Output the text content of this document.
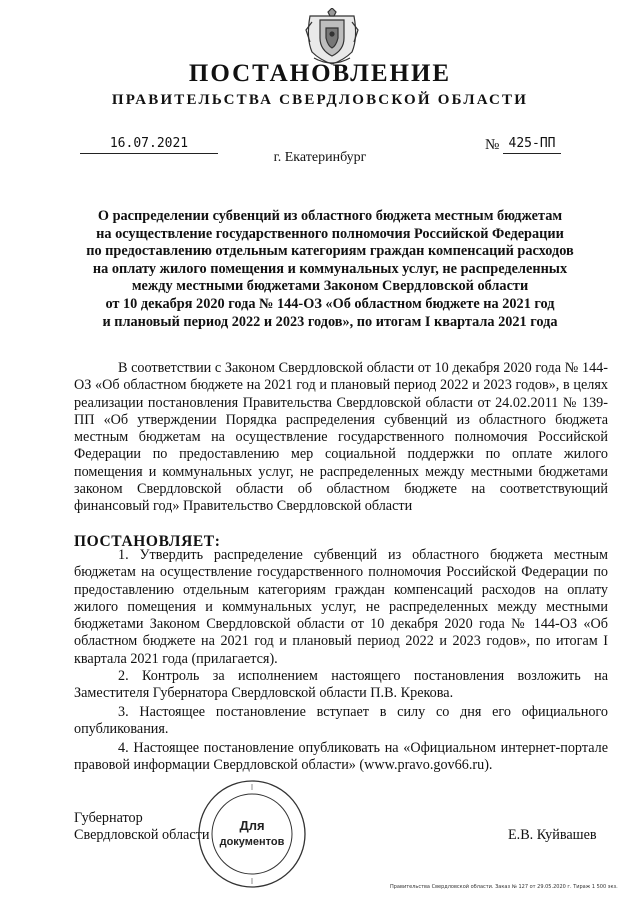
ПОСТАНОВЛЕНИЕ
ПРАВИТЕЛЬСТВА СВЕРДЛОВСКОЙ ОБЛАСТИ
16.07.2021	№ 425-ПП
г. Екатеринбург
О распределении субвенций из областного бюджета местным бюджетам
на осуществление государственного полномочия Российской Федерации
по предоставлению отдельным категориям граждан компенсаций расходов
на оплату жилого помещения и коммунальных услуг, не распределенных
между местными бюджетами Законом Свердловской области
от 10 декабря 2020 года № 144-ОЗ «Об областном бюджете на 2021 год
и плановый период 2022 и 2023 годов», по итогам I квартала 2021 года
В соответствии с Законом Свердловской области от 10 декабря 2020 года № 144-ОЗ «Об областном бюджете на 2021 год и плановый период 2022 и 2023 годов», в целях реализации постановления Правительства Свердловской области от 24.02.2011 № 139-ПП «Об утверждении Порядка распределения субвенций из областного бюджета местным бюджетам на осуществление государственного полномочия Российской Федерации по предоставлению мер социальной поддержки по оплате жилого помещения и коммунальных услуг, не распределенных между местными бюджетами законом Свердловской области об областном бюджете на соответствующий финансовый год» Правительство Свердловской области
ПОСТАНОВЛЯЕТ:
1. Утвердить распределение субвенций из областного бюджета местным бюджетам на осуществление государственного полномочия Российской Федерации по предоставлению отдельным категориям граждан компенсаций расходов на оплату жилого помещения и коммунальных услуг, не распределенных между местными бюджетами Законом Свердловской области от 10 декабря 2020 года № 144-ОЗ «Об областном бюджете на 2021 год и плановый период 2022 и 2023 годов», по итогам I квартала 2021 года (прилагается).
2. Контроль за исполнением настоящего постановления возложить на Заместителя Губернатора Свердловской области П.В. Крекова.
3. Настоящее постановление вступает в силу со дня его официального опубликования.
4. Настоящее постановление опубликовать на «Официальном интернет-портале правовой информации Свердловской области» (www.pravo.gov66.ru).
Губернатор
Свердловской области	Е.В. Куйвашев
Для
документов
Правительства Свердловской области. Заказ № 127 от 29.05.2020 г. Тираж 1 500 экз.
